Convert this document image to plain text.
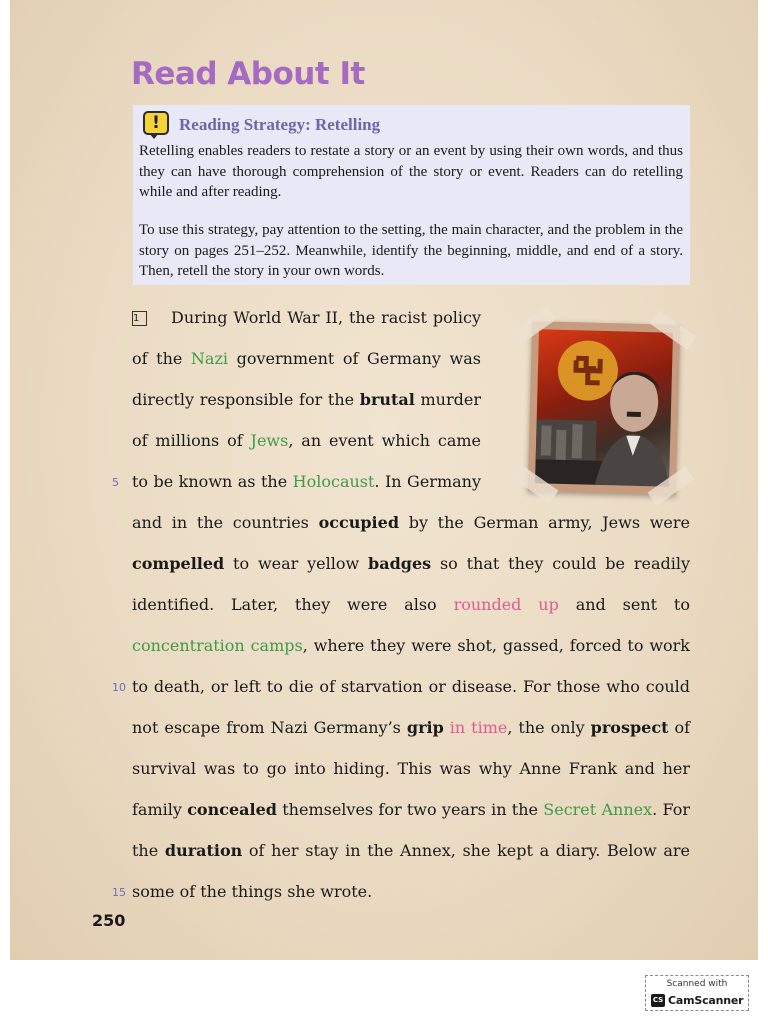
Read About It
!	Reading Strategy: Retelling

Retelling enables readers to restate a story or an event by using their own words, and thus they can have thorough comprehension of the story or event. Readers can do retelling while and after reading.

To use this strategy, pay attention to the setting, the main character, and the problem in the story on pages 251–252. Meanwhile, identify the beginning, middle, and end of a story. Then, retell the story in your own words.

1 During World War II, the racist policy
of the Nazi government of Germany was
directly responsible for the brutal murder
of millions of Jews, an event which came
to be known as the Holocaust. In Germany
and in the countries occupied by the German army, Jews were
compelled to wear yellow badges so that they could be readily
identified. Later, they were also rounded up and sent to
concentration camps, where they were shot, gassed, forced to work
to death, or left to die of starvation or disease. For those who could
not escape from Nazi Germany’s grip in time, the only prospect of
survival was to go into hiding. This was why Anne Frank and her
family concealed themselves for two years in the Secret Annex. For
the duration of her stay in the Annex, she kept a diary. Below are
some of the things she wrote.
5
10
15
250
Scanned with
CS CamScanner
